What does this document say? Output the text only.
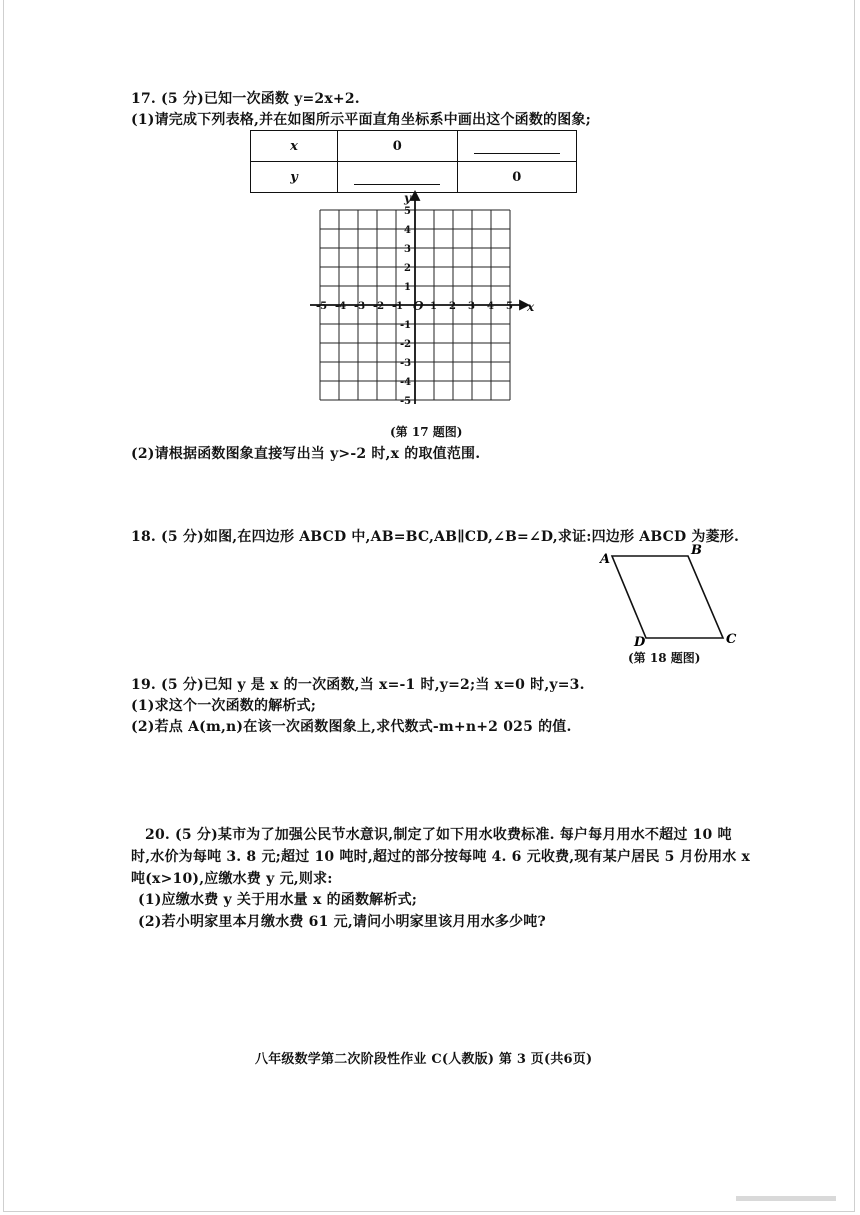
17. (5 分)已知一次函数 y=2x+2.
(1)请完成下列表格,并在如图所示平面直角坐标系中画出这个函数的图象;
x	0	
y		0
-5 -4 -3 -2 -1	1 2 3 4 5
5
4
3
2
1
-1
-2
-3
-4
-5
O	x
y
(第 17 题图)
(2)请根据函数图象直接写出当 y>-2 时,x 的取值范围.
18. (5 分)如图,在四边形 ABCD 中,AB=BC,AB∥CD,∠B=∠D,求证:四边形 ABCD 为菱形.
A
B
C
D
(第 18 题图)
19. (5 分)已知 y 是 x 的一次函数,当 x=-1 时,y=2;当 x=0 时,y=3.
(1)求这个一次函数的解析式;
(2)若点 A(m,n)在该一次函数图象上,求代数式-m+n+2 025 的值.
20. (5 分)某市为了加强公民节水意识,制定了如下用水收费标准. 每户每月用水不超过 10 吨
时,水价为每吨 3. 8 元;超过 10 吨时,超过的部分按每吨 4. 6 元收费,现有某户居民 5 月份用水 x
吨(x>10),应缴水费 y 元,则求:
(1)应缴水费 y 关于用水量 x 的函数解析式;
(2)若小明家里本月缴水费 61 元,请问小明家里该月用水多少吨?
八年级数学第二次阶段性作业 C(人教版) 第 3 页(共6页)
